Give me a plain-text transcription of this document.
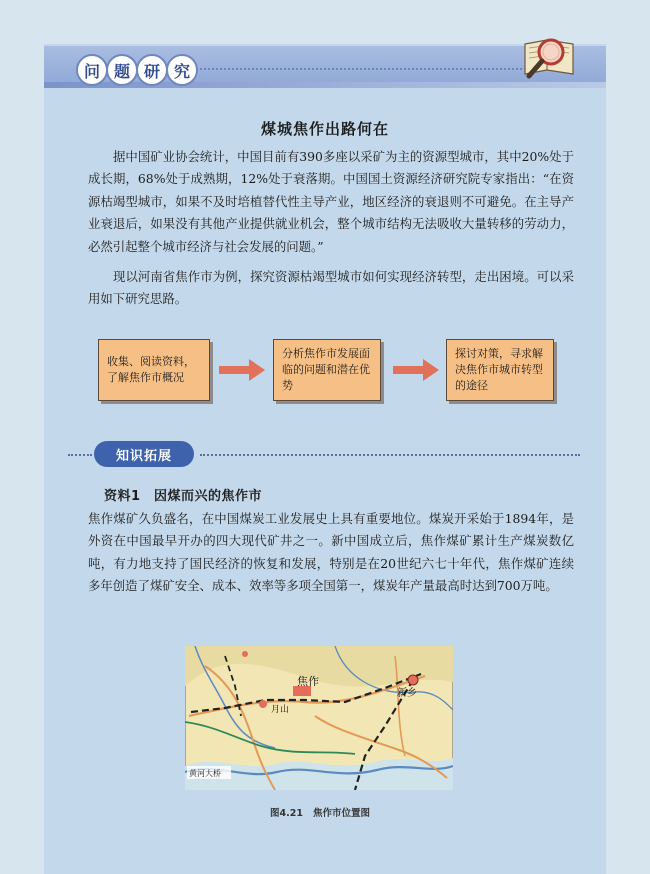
问 题 研 究
煤城焦作出路何在

据中国矿业协会统计，中国目前有390多座以采矿为主的资源型城市，其中20%处于成长期，68%处于成熟期，12%处于衰落期。中国国土资源经济研究院专家指出：“在资源枯竭型城市，如果不及时培植替代性主导产业，地区经济的衰退则不可避免。在主导产业衰退后，如果没有其他产业提供就业机会，整个城市结构无法吸收大量转移的劳动力，必然引起整个城市经济与社会发展的问题。”

现以河南省焦作市为例，探究资源枯竭型城市如何实现经济转型，走出困境。可以采用如下研究思路。

收集、阅读资料，了解焦作市概况
分析焦作市发展面临的问题和潜在优势
探讨对策，寻求解决焦作市城市转型的途径
知识拓展
资料1　因煤而兴的焦作市

焦作煤矿久负盛名，在中国煤炭工业发展史上具有重要地位。煤炭开采始于1894年，是外资在中国最早开办的四大现代矿井之一。新中国成立后，焦作煤矿累计生产煤炭数亿吨，有力地支持了国民经济的恢复和发展，特别是在20世纪六七十年代，焦作煤矿连续多年创造了煤矿安全、成本、效率等多项全国第一，煤炭年产量最高时达到700万吨。

焦作
新乡
月山
黄河大桥
图4.21 焦作市位置图
